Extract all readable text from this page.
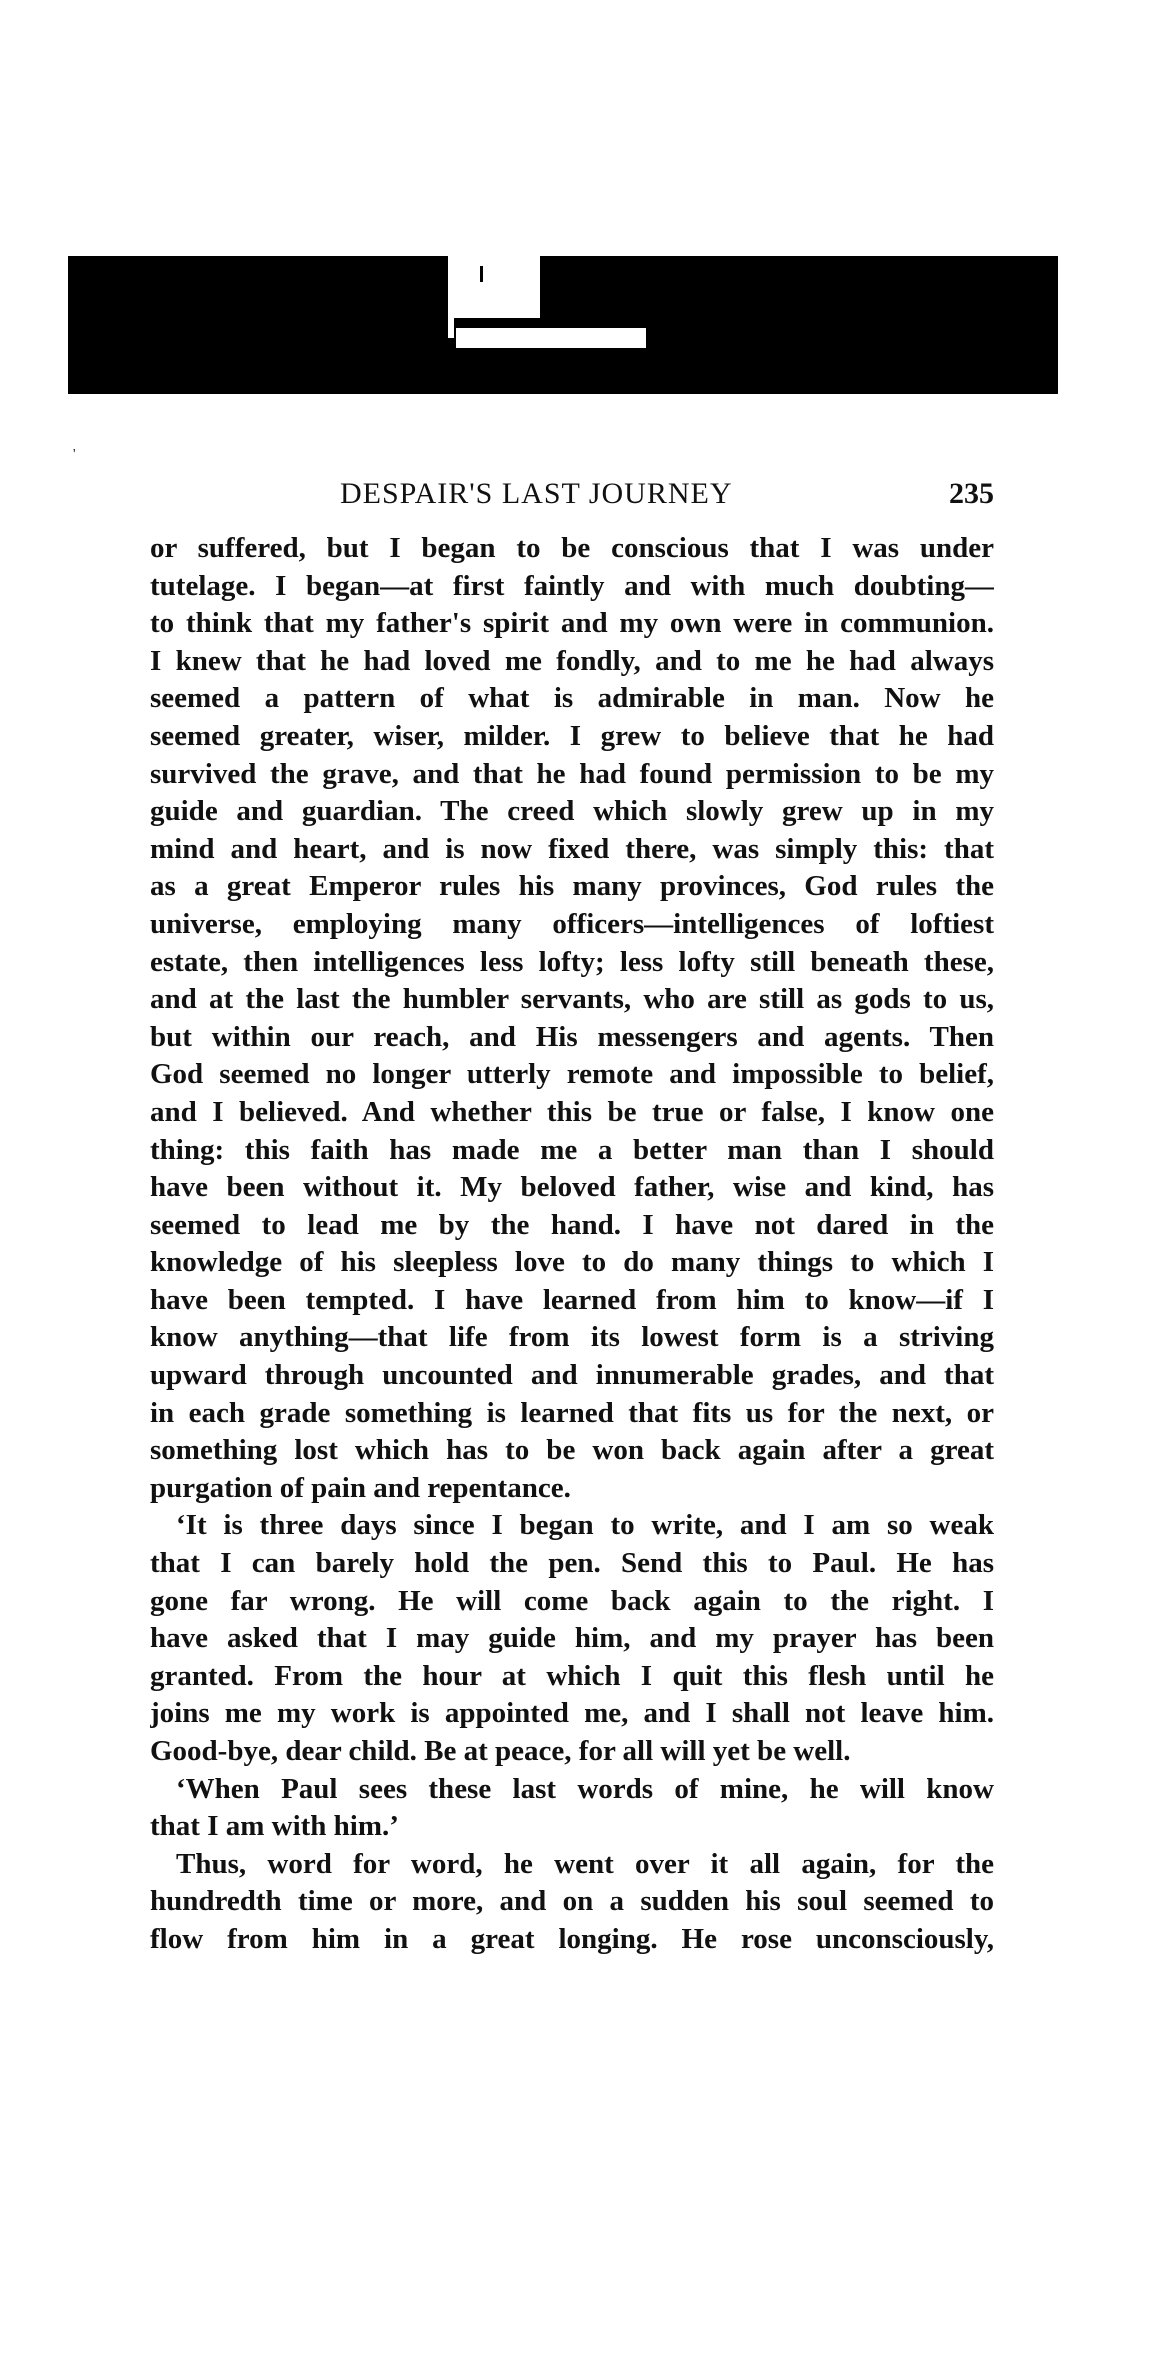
'
DESPAIR'S LAST JOURNEY	235
or suffered, but I began to be conscious that I was under
tutelage. I began—at first faintly and with much doubting—
to think that my father's spirit and my own were in communion.
I knew that he had loved me fondly, and to me he had always
seemed a pattern of what is admirable in man. Now he
seemed greater, wiser, milder. I grew to believe that he had
survived the grave, and that he had found permission to be my
guide and guardian. The creed which slowly grew up in my
mind and heart, and is now fixed there, was simply this: that
as a great Emperor rules his many provinces, God rules the
universe, employing many officers—intelligences of loftiest
estate, then intelligences less lofty; less lofty still beneath these,
and at the last the humbler servants, who are still as gods to us,
but within our reach, and His messengers and agents. Then
God seemed no longer utterly remote and impossible to belief,
and I believed. And whether this be true or false, I know one
thing: this faith has made me a better man than I should
have been without it. My beloved father, wise and kind, has
seemed to lead me by the hand. I have not dared in the
knowledge of his sleepless love to do many things to which I
have been tempted. I have learned from him to know—if I
know anything—that life from its lowest form is a striving
upward through uncounted and innumerable grades, and that
in each grade something is learned that fits us for the next, or
something lost which has to be won back again after a great
purgation of pain and repentance.
‘It is three days since I began to write, and I am so weak
that I can barely hold the pen. Send this to Paul. He has
gone far wrong. He will come back again to the right. I
have asked that I may guide him, and my prayer has been
granted. From the hour at which I quit this flesh until he
joins me my work is appointed me, and I shall not leave him.
Good-bye, dear child. Be at peace, for all will yet be well.
‘When Paul sees these last words of mine, he will know
that I am with him.’
Thus, word for word, he went over it all again, for the
hundredth time or more, and on a sudden his soul seemed to
flow from him in a great longing. He rose unconsciously,
